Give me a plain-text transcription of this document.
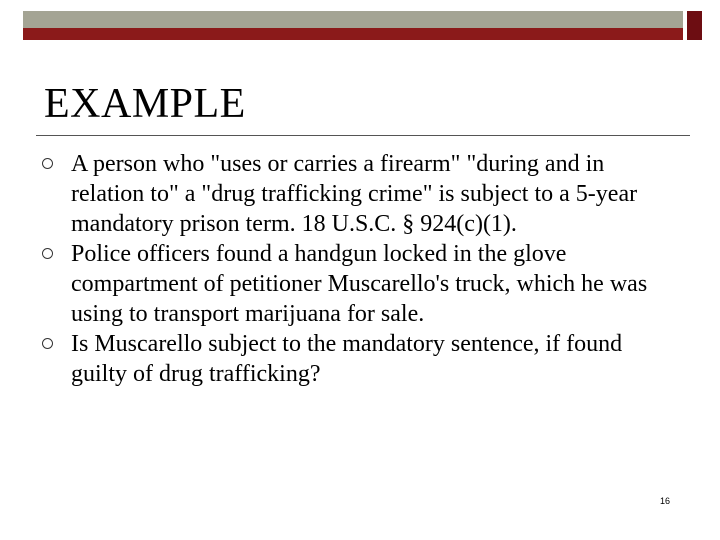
EXAMPLE
A person who "uses or carries a firearm" "during and in relation to" a "drug trafficking crime" is subject to a 5-year mandatory prison term. 18 U.S.C. § 924(c)(1).
Police officers found a handgun locked in the glove compartment of petitioner Muscarello's truck, which he was using to transport marijuana for sale.
Is Muscarello subject to the mandatory sentence, if found guilty of drug trafficking?
16
